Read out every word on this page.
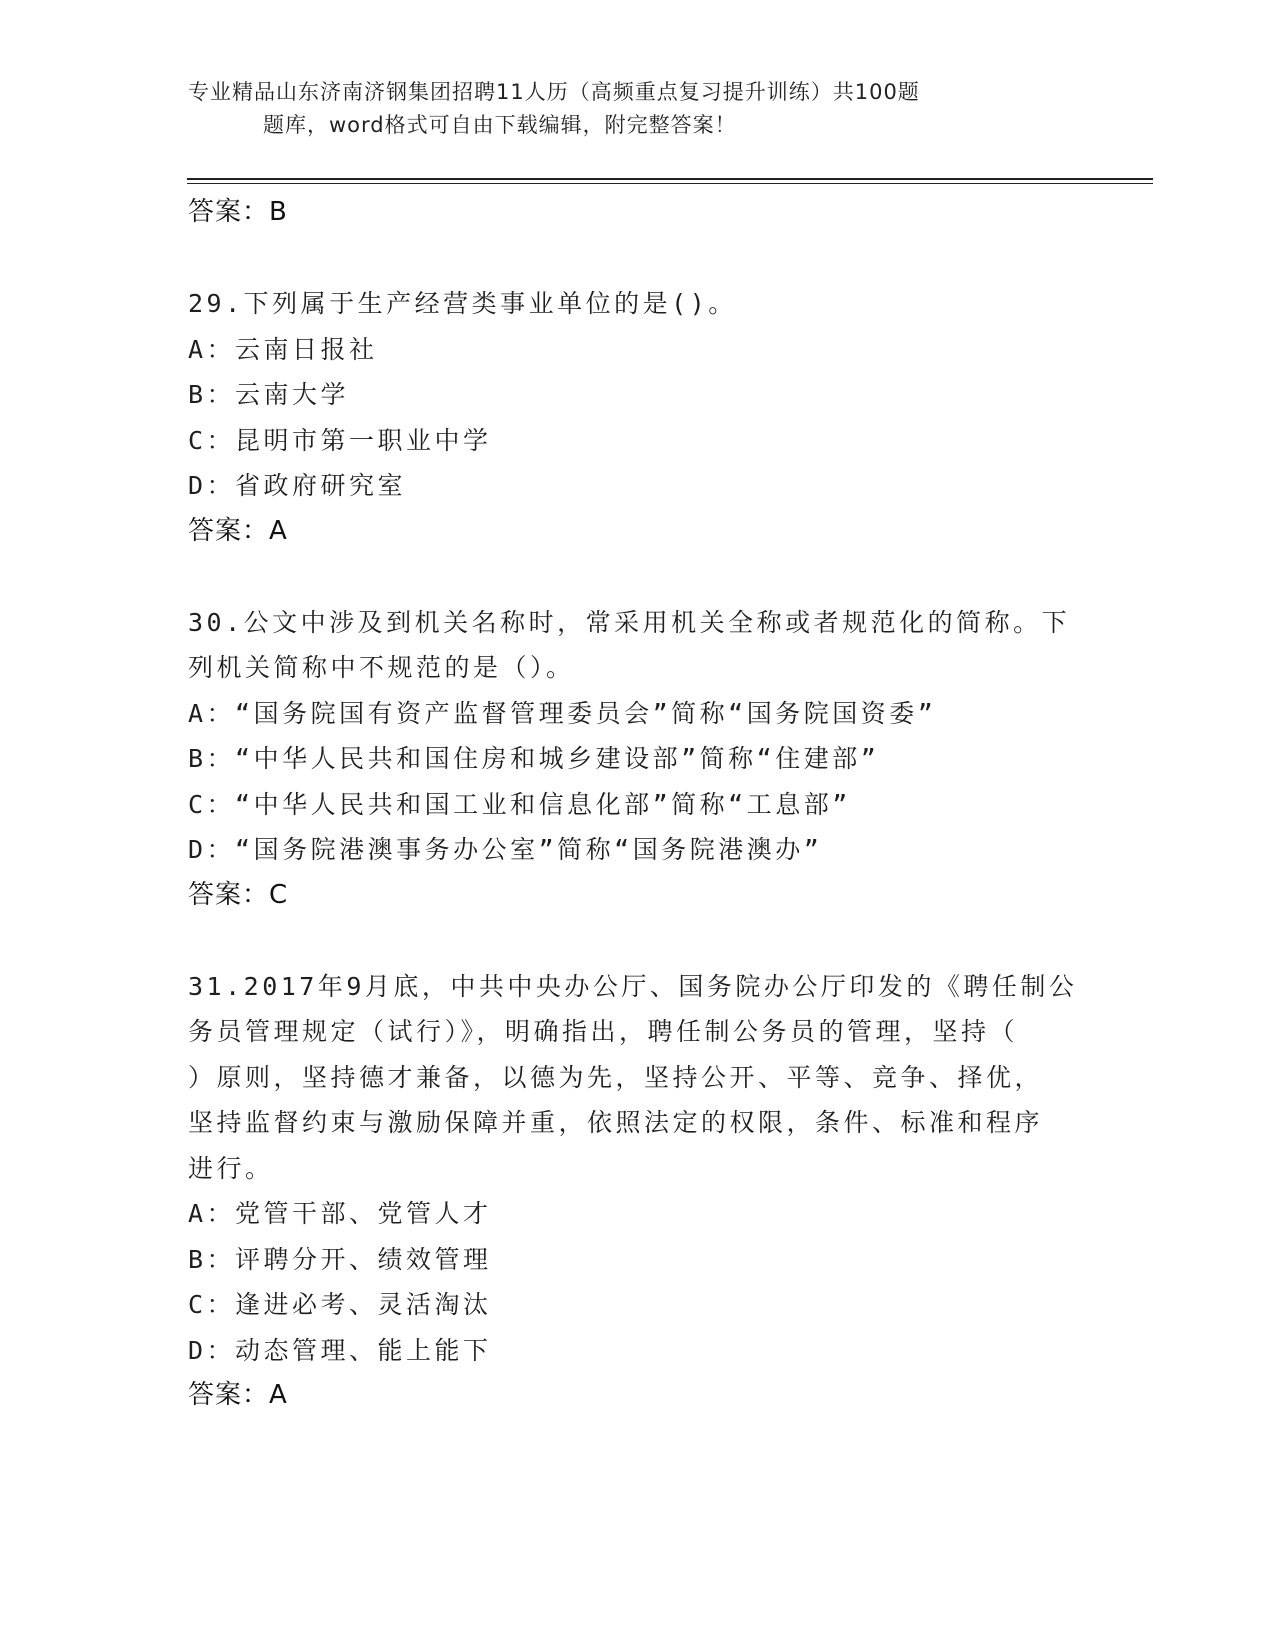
专业精品山东济南济钢集团招聘11人历（高频重点复习提升训练）共100题
题库，word格式可自由下载编辑，附完整答案！
答案：B
29.下列属于生产经营类事业单位的是()。
A：云南日报社
B：云南大学
C：昆明市第一职业中学
D：省政府研究室
答案：A
30.公文中涉及到机关名称时，常采用机关全称或者规范化的简称。下
列机关简称中不规范的是（）。
A：“国务院国有资产监督管理委员会”简称“国务院国资委”
B：“中华人民共和国住房和城乡建设部”简称“住建部”
C：“中华人民共和国工业和信息化部”简称“工息部”
D：“国务院港澳事务办公室”简称“国务院港澳办”
答案：C
31.2017年9月底，中共中央办公厅、国务院办公厅印发的《聘任制公
务员管理规定（试行）》，明确指出，聘任制公务员的管理，坚持（
）原则，坚持德才兼备，以德为先，坚持公开、平等、竞争、择优，
坚持监督约束与激励保障并重，依照法定的权限，条件、标准和程序
进行。
A：党管干部、党管人才
B：评聘分开、绩效管理
C：逢进必考、灵活淘汰
D：动态管理、能上能下
答案：A
